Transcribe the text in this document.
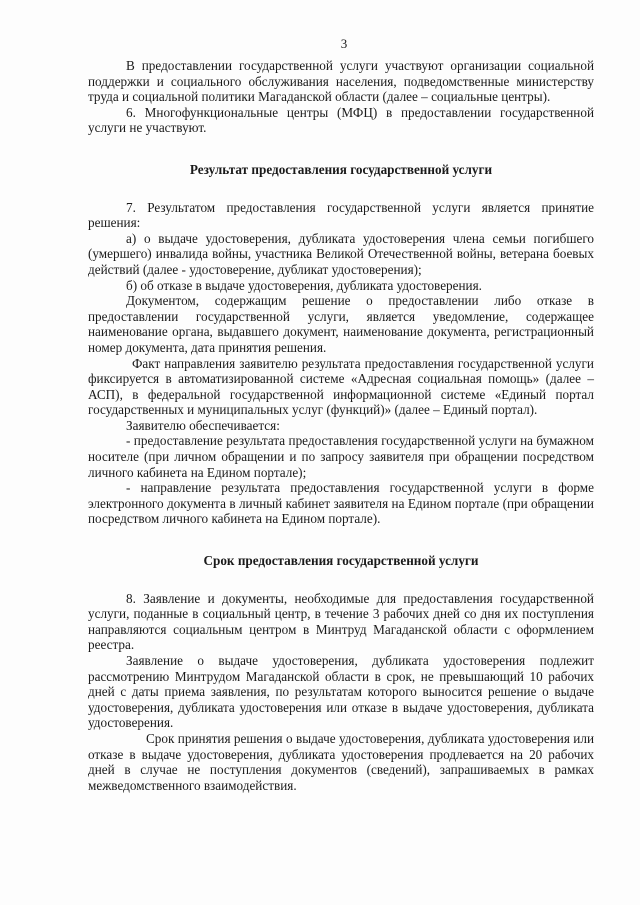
3

В предоставлении государственной услуги участвуют организации социальной поддержки и социального обслуживания населения, подведомственные министерству труда и социальной политики Магаданской области (далее – социальные центры).

6. Многофункциональные центры (МФЦ) в предоставлении государственной услуги не участвуют.

Результат предоставления государственной услуги

7. Результатом предоставления государственной услуги является принятие решения:

а) о выдаче удостоверения, дубликата удостоверения члена семьи погибшего (умершего) инвалида войны, участника Великой Отечественной войны, ветерана боевых действий (далее - удостоверение, дубликат удостоверения);

б) об отказе в выдаче удостоверения, дубликата удостоверения.

Документом, содержащим решение о предоставлении либо отказе в предоставлении государственной услуги, является уведомление, содержащее наименование органа, выдавшего документ, наименование документа, регистрационный номер документа, дата принятия решения.

Факт направления заявителю результата предоставления государственной услуги фиксируется в автоматизированной системе «Адресная социальная помощь» (далее – АСП), в федеральной государственной информационной системе «Единый портал государственных и муниципальных услуг (функций)» (далее – Единый портал).

Заявителю обеспечивается:

- предоставление результата предоставления государственной услуги на бумажном носителе (при личном обращении и по запросу заявителя при обращении посредством личного кабинета на Едином портале);

- направление результата предоставления государственной услуги в форме электронного документа в личный кабинет заявителя на Едином портале (при обращении посредством личного кабинета на Едином портале).

Срок предоставления государственной услуги

8. Заявление и документы, необходимые для предоставления государственной услуги, поданные в социальный центр, в течение 3 рабочих дней со дня их поступления направляются социальным центром в Минтруд Магаданской области с оформлением реестра.

Заявление о выдаче удостоверения, дубликата удостоверения подлежит рассмотрению Минтрудом Магаданской области в срок, не превышающий 10 рабочих дней с даты приема заявления, по результатам которого выносится решение о выдаче удостоверения, дубликата удостоверения или отказе в выдаче удостоверения, дубликата удостоверения.

Срок принятия решения о выдаче удостоверения, дубликата удостоверения или отказе в выдаче удостоверения, дубликата удостоверения продлевается на 20 рабочих дней в случае не поступления документов (сведений), запрашиваемых в рамках межведомственного взаимодействия.
